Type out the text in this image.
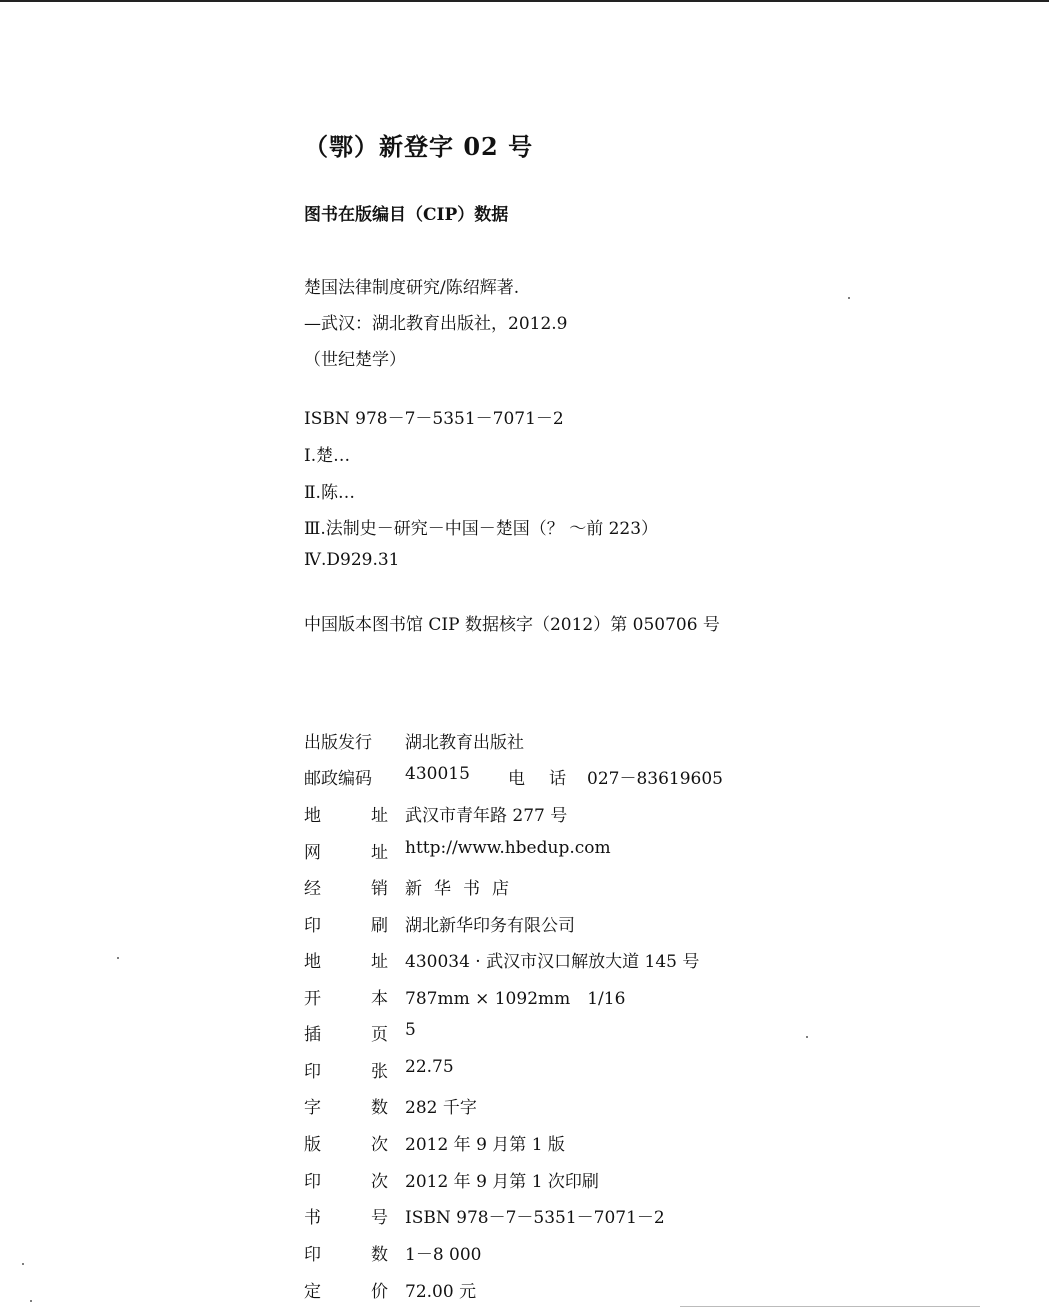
（鄂）新登字 02 号
图书在版编目（CIP）数据
楚国法律制度研究/陈绍辉著.
—武汉：湖北教育出版社，2012.9
（世纪楚学）
ISBN 978－7－5351－7071－2
Ⅰ.楚…
Ⅱ.陈…
Ⅲ.法制史－研究－中国－楚国（？ ～前 223）
Ⅳ.D929.31
中国版本图书馆 CIP 数据核字（2012）第 050706 号
出版发行	湖北教育出版社
邮政编码	430015 电 话 027－83619605
地	址 武汉市青年路 277 号
网	址 http://www.hbedup.com
经	销 新华书店
印	刷 湖北新华印务有限公司
地	址 430034 · 武汉市汉口解放大道 145 号
开	本 787mm × 1092mm　1/16
插	页 5
印	张 22.75
字	数 282 千字
版	次 2012 年 9 月第 1 版
印	次 2012 年 9 月第 1 次印刷
书	号 ISBN 978－7－5351－7071－2
印	数 1－8 000
定	价 72.00 元
